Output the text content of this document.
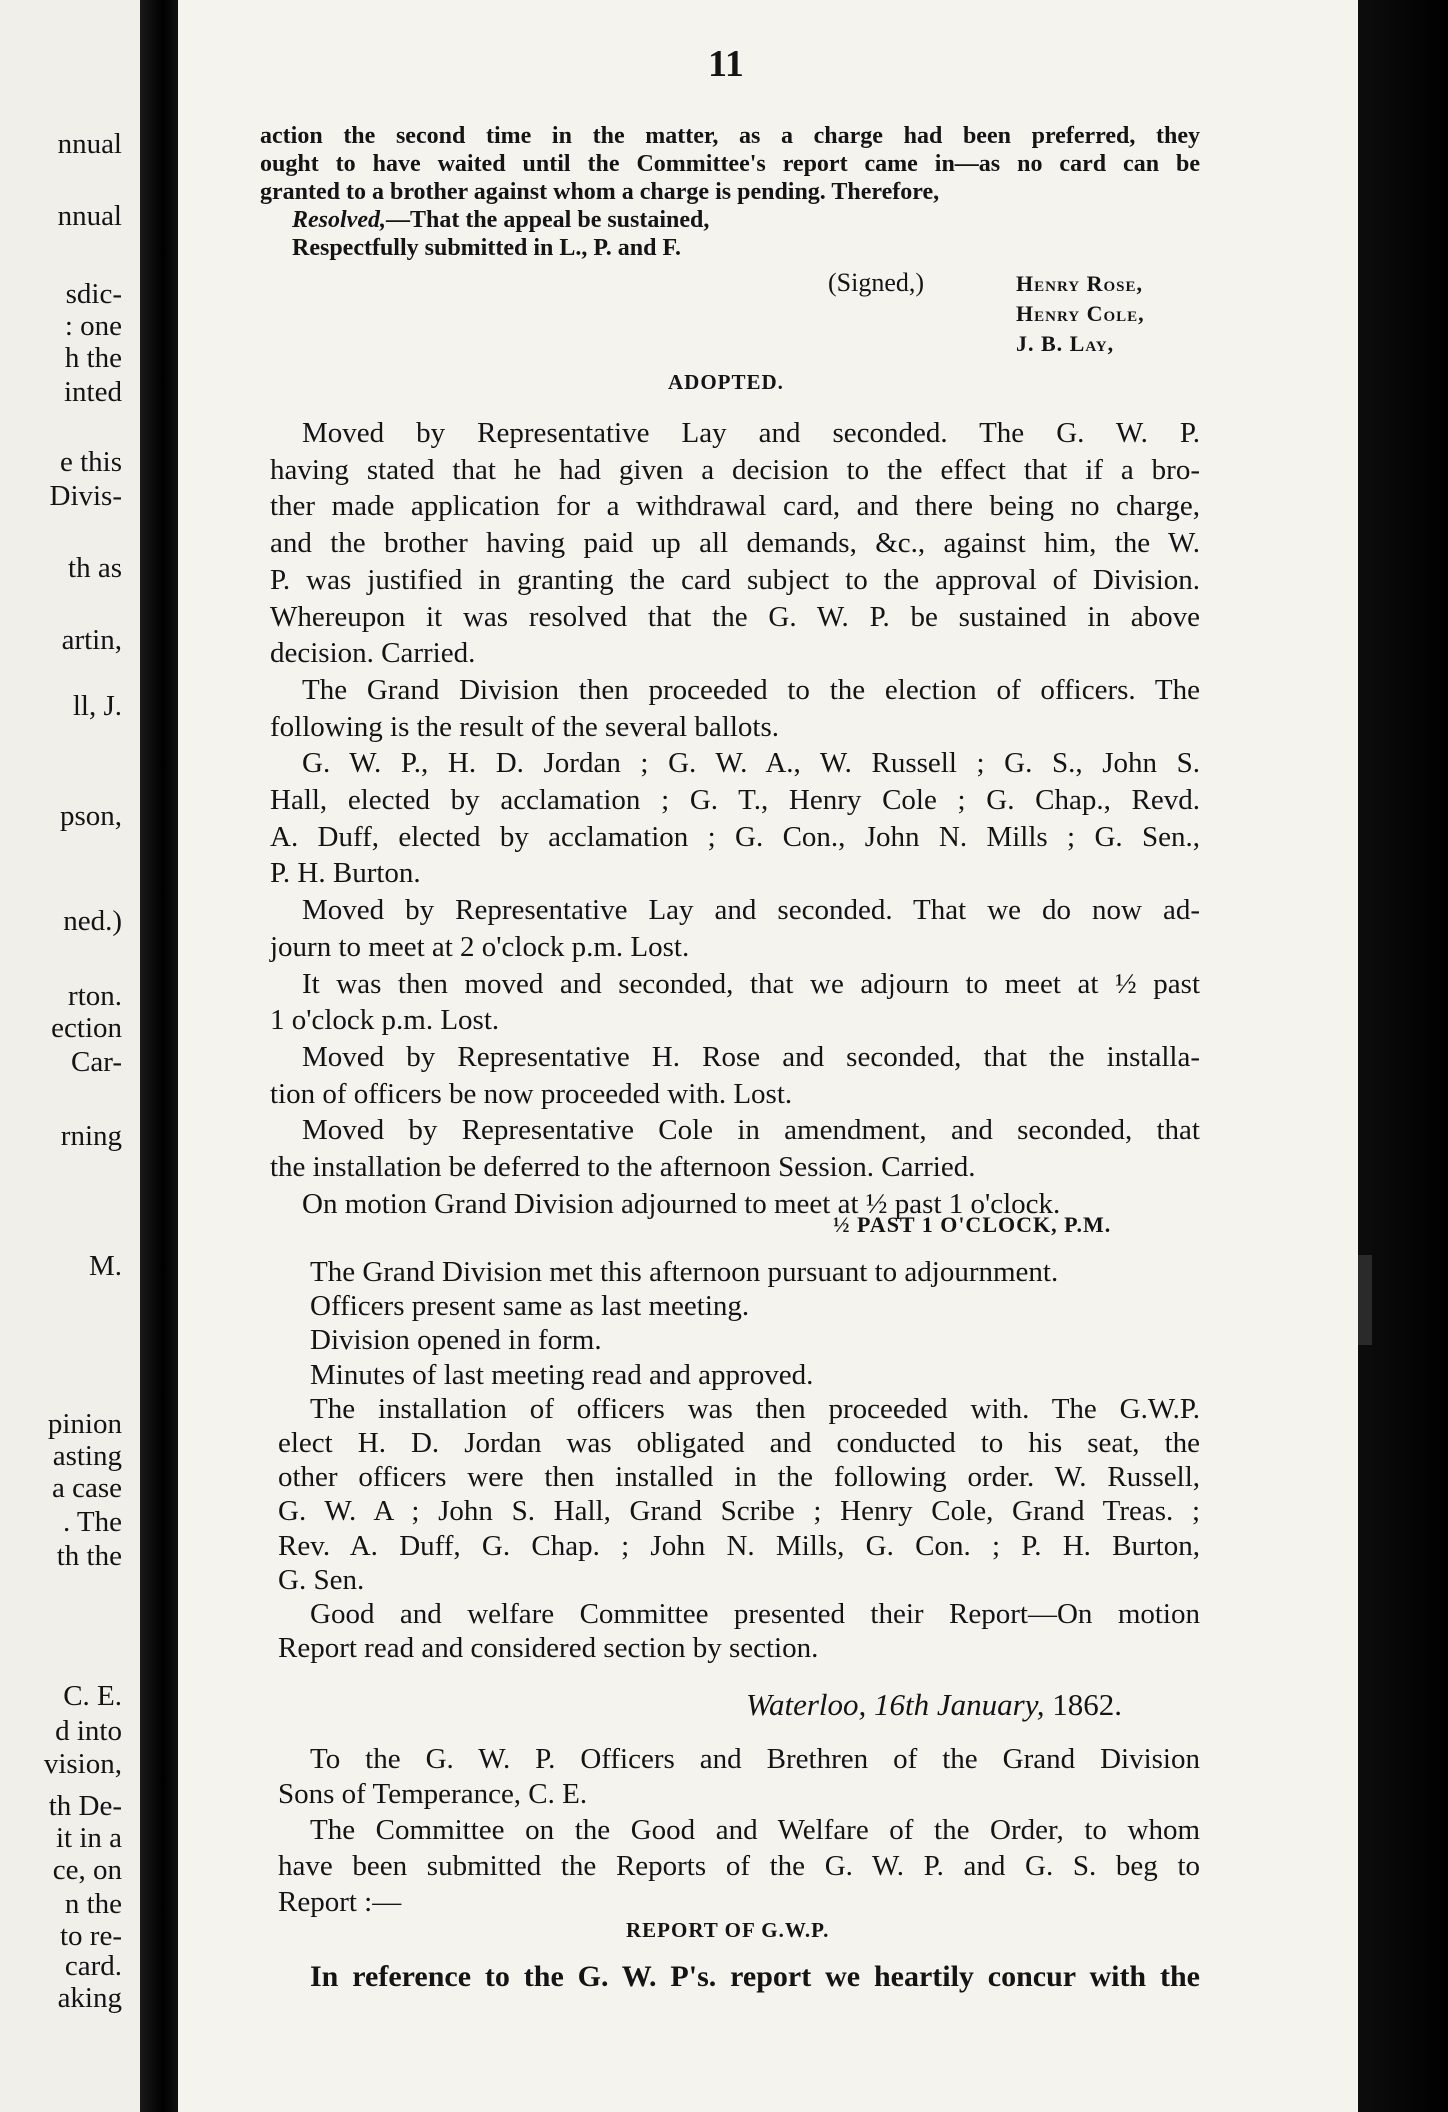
nnual
nnual
sdic-
: one
h the
inted
e this
Divis-
th as
artin,
ll, J.
pson,
ned.)
rton.
ection
Car-
rning
M.
pinion
asting
a case
. The
th the
C. E.
d into
vision,
th De-
it in a
ce, on
n the
to re-
card.
aking
11
action the second time in the matter, as a charge had been preferred, they
ought to have waited until the Committee's report came in—as no card can be
granted to a brother against whom a charge is pending. Therefore,
Resolved,—That the appeal be sustained,
Respectfully submitted in L., P. and F.
(Signed,)	Henry Rose,
Henry Cole,
J. B. Lay,
ADOPTED.
Moved by Representative Lay and seconded. The G. W. P.
having stated that he had given a decision to the effect that if a bro-
ther made application for a withdrawal card, and there being no charge,
and the brother having paid up all demands, &c., against him, the W.
P. was justified in granting the card subject to the approval of Division.
Whereupon it was resolved that the G. W. P. be sustained in above
decision. Carried.
The Grand Division then proceeded to the election of officers. The
following is the result of the several ballots.
G. W. P., H. D. Jordan ; G. W. A., W. Russell ; G. S., John S.
Hall, elected by acclamation ; G. T., Henry Cole ; G. Chap., Revd.
A. Duff, elected by acclamation ; G. Con., John N. Mills ; G. Sen.,
P. H. Burton.
Moved by Representative Lay and seconded. That we do now ad-
journ to meet at 2 o'clock p.m. Lost.
It was then moved and seconded, that we adjourn to meet at ½ past
1 o'clock p.m. Lost.
Moved by Representative H. Rose and seconded, that the installa-
tion of officers be now proceeded with. Lost.
Moved by Representative Cole in amendment, and seconded, that
the installation be deferred to the afternoon Session. Carried.
On motion Grand Division adjourned to meet at ½ past 1 o'clock.
½ PAST 1 O'CLOCK, P.M.
The Grand Division met this afternoon pursuant to adjournment.
Officers present same as last meeting.
Division opened in form.
Minutes of last meeting read and approved.
The installation of officers was then proceeded with. The G.W.P.
elect H. D. Jordan was obligated and conducted to his seat, the
other officers were then installed in the following order. W. Russell,
G. W. A ; John S. Hall, Grand Scribe ; Henry Cole, Grand Treas. ;
Rev. A. Duff, G. Chap. ; John N. Mills, G. Con. ; P. H. Burton,
G. Sen.
Good and welfare Committee presented their Report—On motion
Report read and considered section by section.
Waterloo, 16th January, 1862.
To the G. W. P. Officers and Brethren of the Grand Division
Sons of Temperance, C. E.
The Committee on the Good and Welfare of the Order, to whom
have been submitted the Reports of the G. W. P. and G. S. beg to
Report :—
REPORT OF G.W.P.
In reference to the G. W. P's. report we heartily concur with the
